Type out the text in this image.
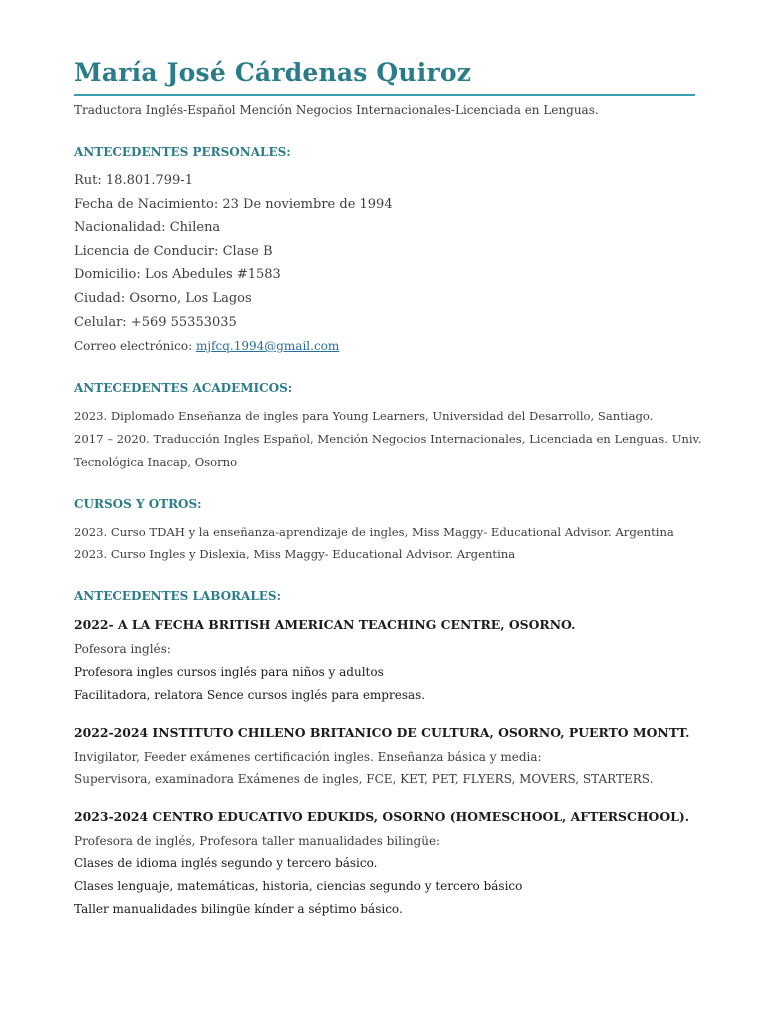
María José Cárdenas Quiroz
Traductora Inglés-Español Mención Negocios Internacionales-Licenciada en Lenguas.
ANTECEDENTES PERSONALES:
Rut: 18.801.799-1
Fecha de Nacimiento: 23 De noviembre de 1994
Nacionalidad: Chilena
Licencia de Conducir: Clase B
Domicilio: Los Abedules #1583
Ciudad: Osorno, Los Lagos
Celular: +569 55353035
Correo electrónico: mjfcq.1994@gmail.com
ANTECEDENTES ACADEMICOS:
2023. Diplomado Enseñanza de ingles para Young Learners, Universidad del Desarrollo, Santiago.
2017 – 2020. Traducción Ingles Español, Mención Negocios Internacionales, Licenciada en Lenguas. Univ.
Tecnológica Inacap, Osorno
CURSOS Y OTROS:
2023. Curso TDAH y la enseñanza-aprendizaje de ingles, Miss Maggy- Educational Advisor. Argentina
2023. Curso Ingles y Dislexia, Miss Maggy- Educational Advisor. Argentina
ANTECEDENTES LABORALES:
2022- A LA FECHA BRITISH AMERICAN TEACHING CENTRE, OSORNO.
Pofesora inglés:
Profesora ingles cursos inglés para niños y adultos
Facilitadora, relatora Sence cursos inglés para empresas.
2022-2024 INSTITUTO CHILENO BRITANICO DE CULTURA, OSORNO, PUERTO MONTT.
Invigilator, Feeder exámenes certificación ingles. Enseñanza básica y media:
Supervisora, examinadora Exámenes de ingles, FCE, KET, PET, FLYERS, MOVERS, STARTERS.
2023-2024 CENTRO EDUCATIVO EDUKIDS, OSORNO (HOMESCHOOL, AFTERSCHOOL).
Profesora de inglés, Profesora taller manualidades bilingüe:
Clases de idioma inglés segundo y tercero básico.
Clases lenguaje, matemáticas, historia, ciencias segundo y tercero básico
Taller manualidades bilingüe kínder a séptimo básico.
